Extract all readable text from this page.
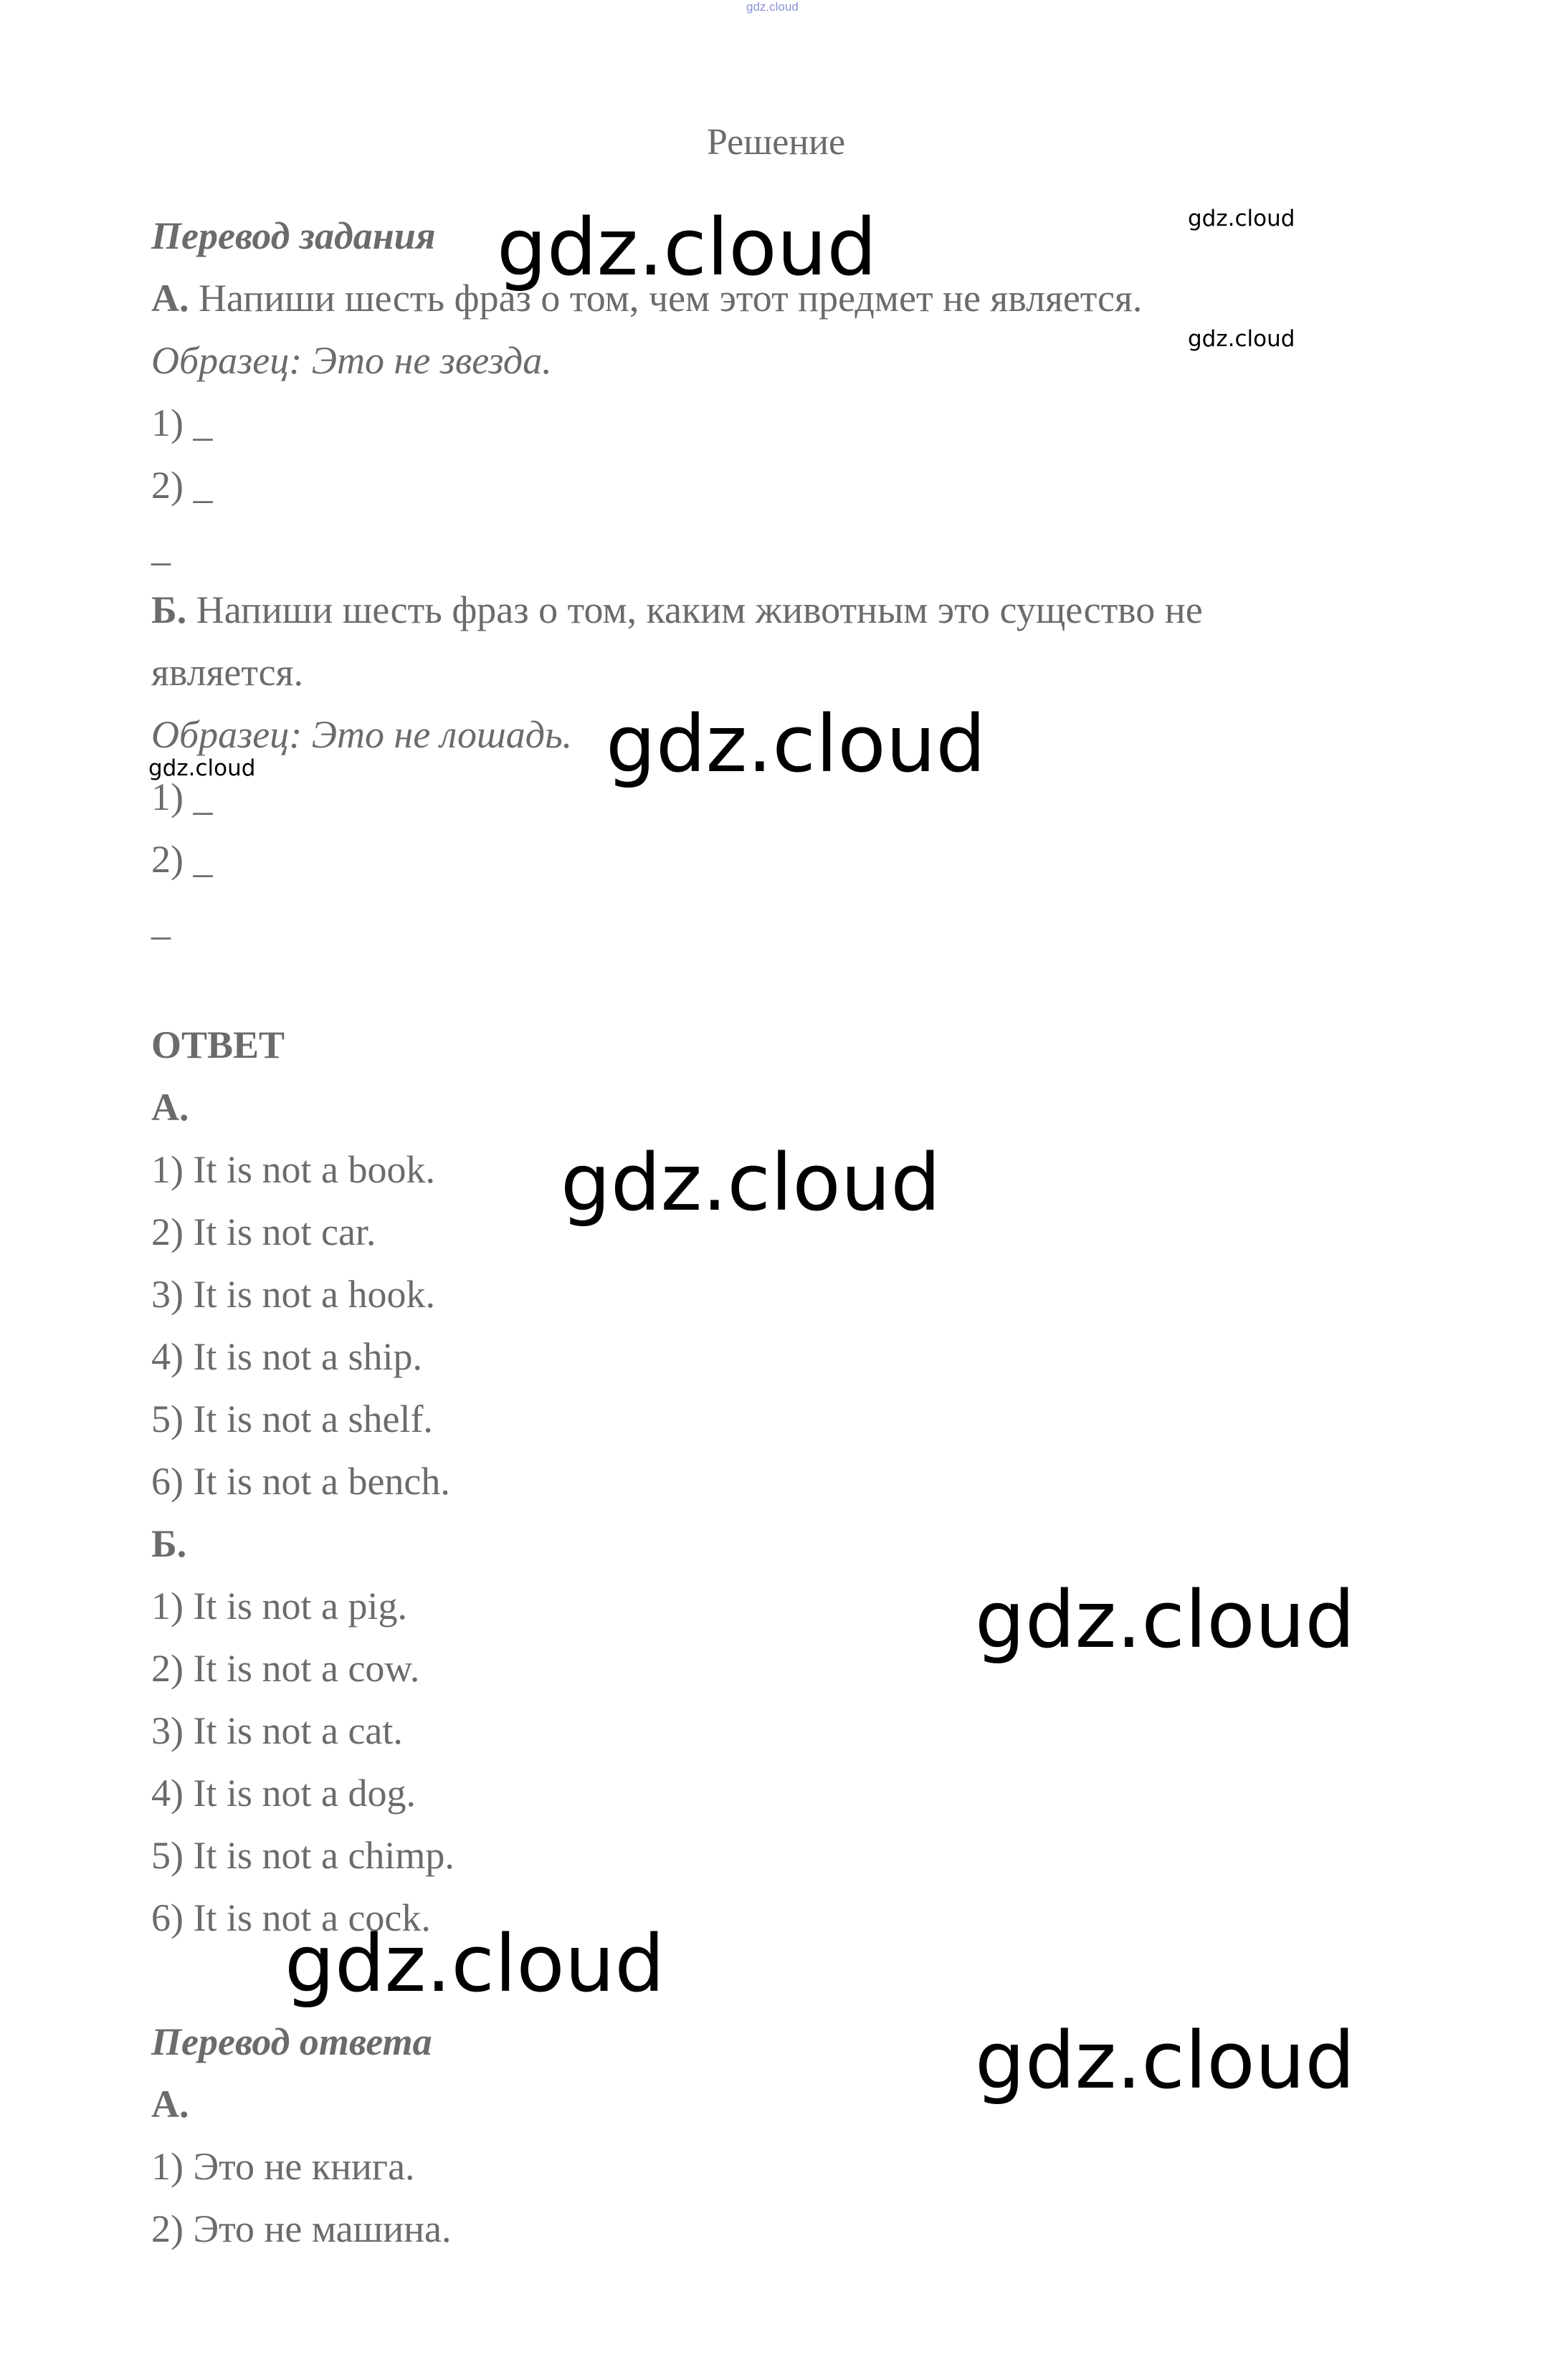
gdz.cloud
Решение
Перевод задания
А. Напиши шесть фраз о том, чем этот предмет не является.
Образец: Это не звезда.
1) _
2) _
_
Б. Напиши шесть фраз о том, каким животным это существо не
является.
Образец: Это не лошадь.
1) _
2) _
_
ОТВЕТ
А.
1) It is not a book.
2) It is not car.
3) It is not a hook.
4) It is not a ship.
5) It is not a shelf.
6) It is not a bench.
Б.
1) It is not a pig.
2) It is not a cow.
3) It is not a cat.
4) It is not a dog.
5) It is not a chimp.
6) It is not a cock.
Перевод ответа
А.
1) Это не книга.
2) Это не машина.
gdz.cloud	gdz.cloud
gdz.cloud
gdz.cloud
gdz.cloud
gdz.cloud
gdz.cloud
gdz.cloud
gdz.cloud
